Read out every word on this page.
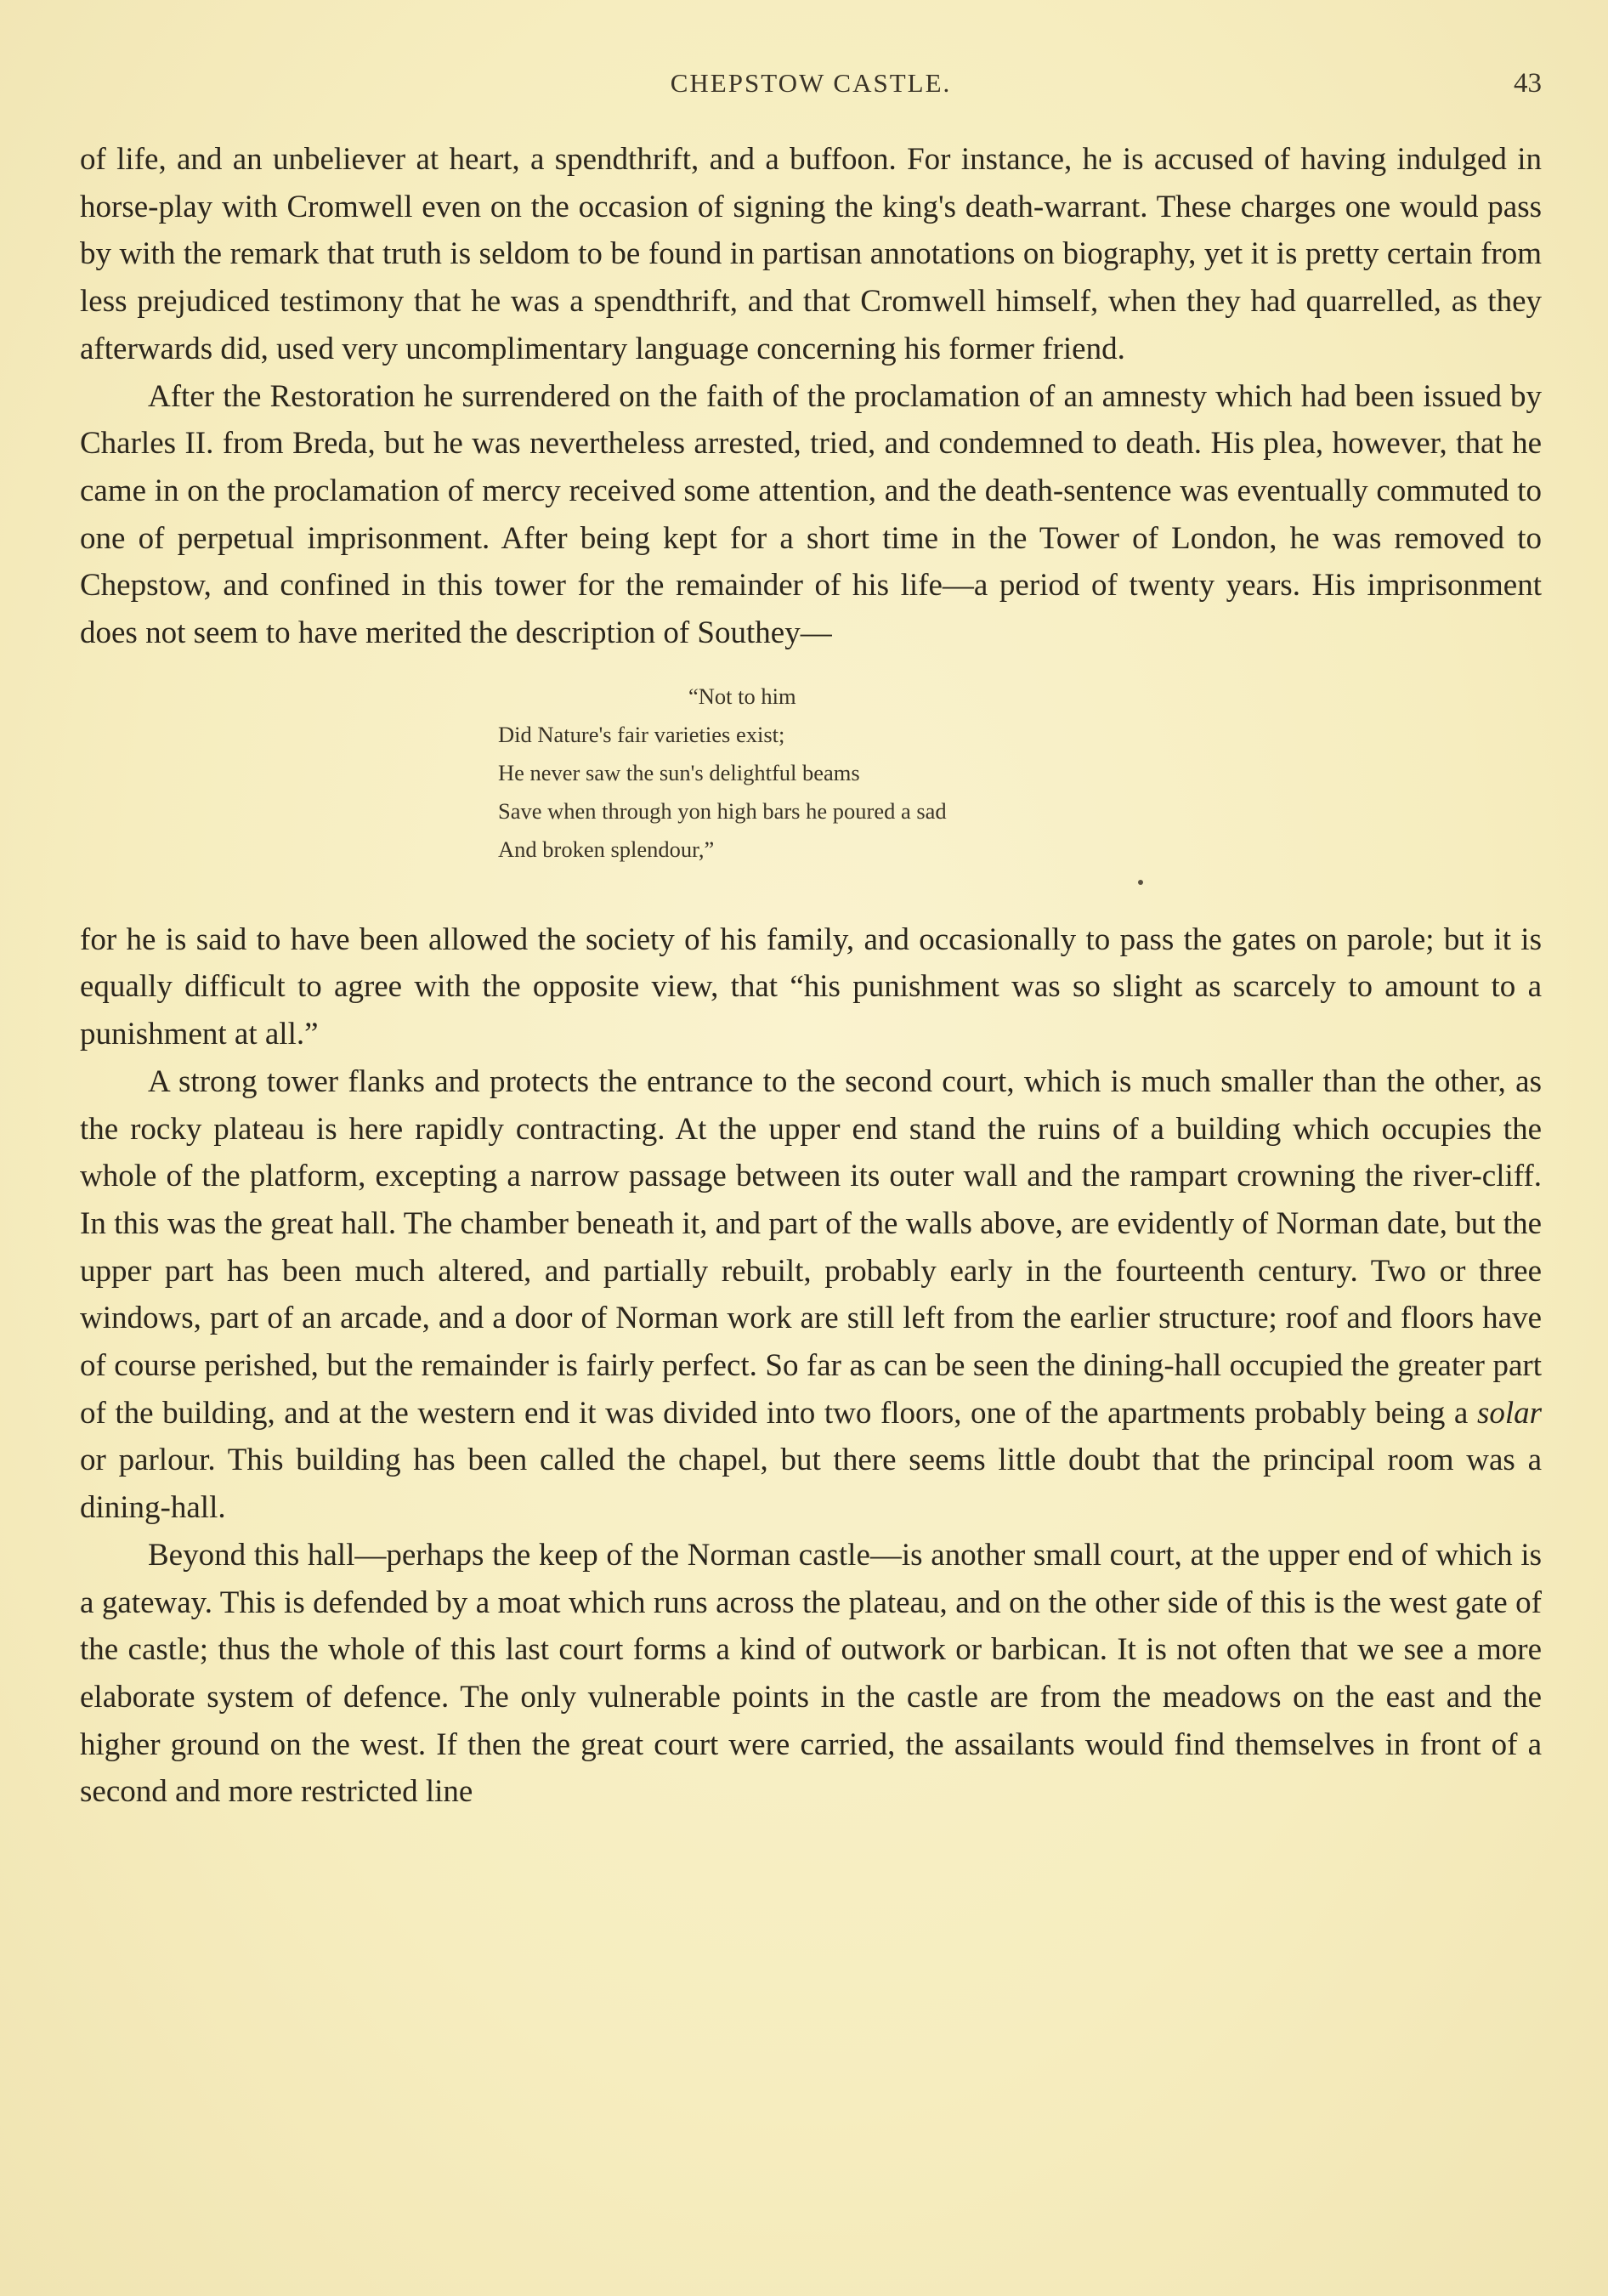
CHEPSTOW CASTLE.	43

of life, and an unbeliever at heart, a spendthrift, and a buffoon. For instance, he is accused of having indulged in horse-play with Cromwell even on the occasion of signing the king's death-warrant. These charges one would pass by with the remark that truth is seldom to be found in partisan annotations on biography, yet it is pretty certain from less prejudiced testimony that he was a spendthrift, and that Cromwell himself, when they had quarrelled, as they afterwards did, used very uncomplimentary language concerning his former friend.

After the Restoration he surrendered on the faith of the proclamation of an amnesty which had been issued by Charles II. from Breda, but he was nevertheless arrested, tried, and condemned to death. His plea, however, that he came in on the proclamation of mercy received some attention, and the death-sentence was eventually commuted to one of perpetual imprisonment. After being kept for a short time in the Tower of London, he was removed to Chepstow, and confined in this tower for the remainder of his life—a period of twenty years. His imprisonment does not seem to have merited the description of Southey—

“Not to him
Did Nature's fair varieties exist;
He never saw the sun's delightful beams
Save when through yon high bars he poured a sad
And broken splendour,”

for he is said to have been allowed the society of his family, and occasionally to pass the gates on parole; but it is equally difficult to agree with the opposite view, that “his punishment was so slight as scarcely to amount to a punishment at all.”

A strong tower flanks and protects the entrance to the second court, which is much smaller than the other, as the rocky plateau is here rapidly contracting. At the upper end stand the ruins of a building which occupies the whole of the platform, excepting a narrow passage between its outer wall and the rampart crowning the river-cliff. In this was the great hall. The chamber beneath it, and part of the walls above, are evidently of Norman date, but the upper part has been much altered, and partially rebuilt, probably early in the fourteenth century. Two or three windows, part of an arcade, and a door of Norman work are still left from the earlier structure; roof and floors have of course perished, but the remainder is fairly perfect. So far as can be seen the dining-hall occupied the greater part of the building, and at the western end it was divided into two floors, one of the apartments probably being a solar or parlour. This building has been called the chapel, but there seems little doubt that the principal room was a dining-hall.

Beyond this hall—perhaps the keep of the Norman castle—is another small court, at the upper end of which is a gateway. This is defended by a moat which runs across the plateau, and on the other side of this is the west gate of the castle; thus the whole of this last court forms a kind of outwork or barbican. It is not often that we see a more elaborate system of defence. The only vulnerable points in the castle are from the meadows on the east and the higher ground on the west. If then the great court were carried, the assailants would find themselves in front of a second and more restricted line
